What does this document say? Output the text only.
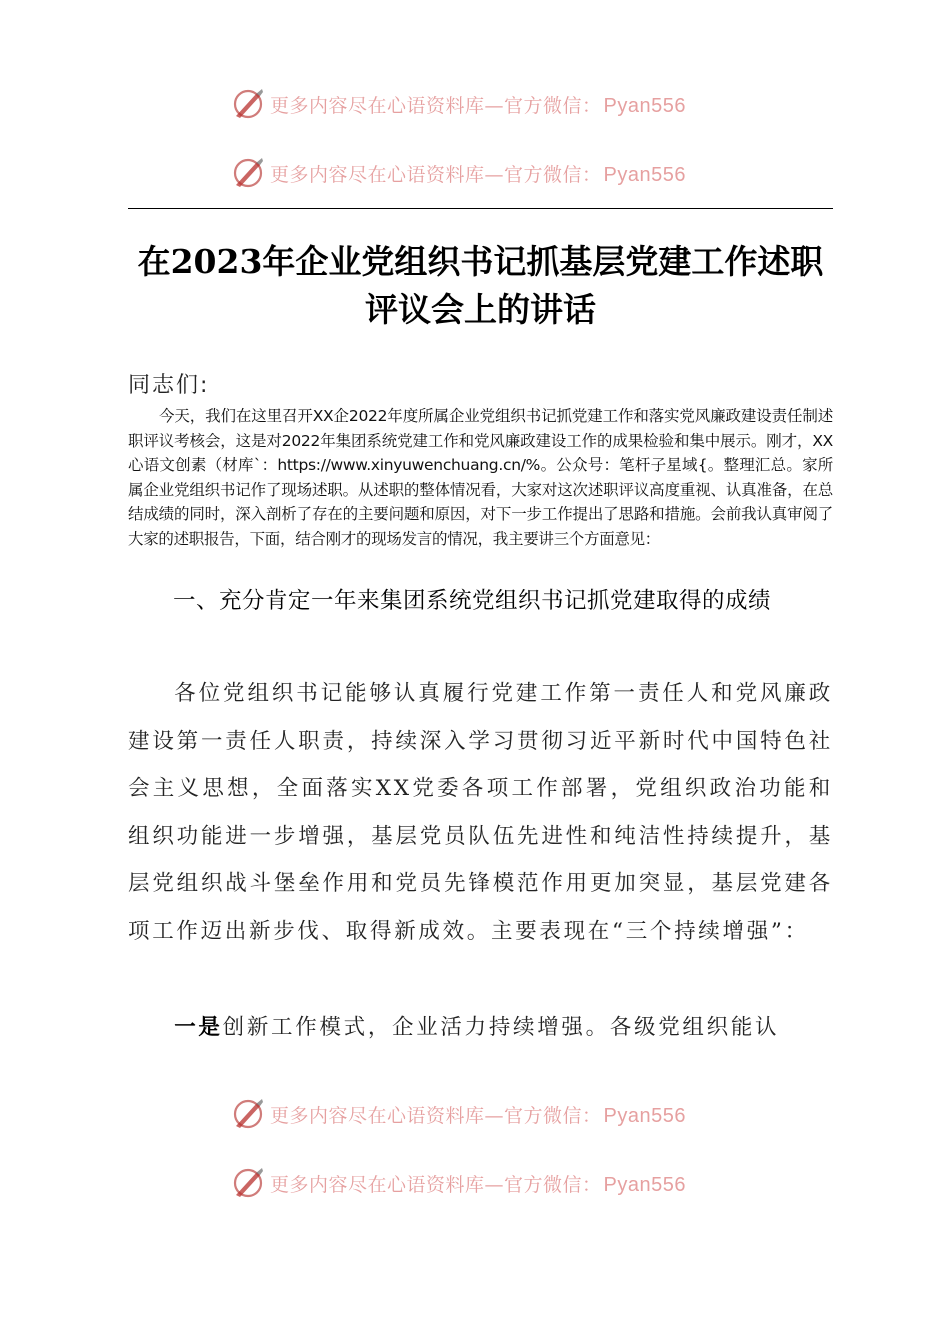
更多内容尽在心语资料库—官方微信： Pyan556
更多内容尽在心语资料库—官方微信： Pyan556
在2023年企业党组织书记抓基层党建工作述职评议会上的讲话

同志们:

今天，我们在这里召开XX企2022年度所属企业党组织书记抓党建工作和落实党风廉政建设责任制述职评议考核会，这是对2022年集团系统党建工作和党风廉政建设工作的成果检验和集中展示。刚才，XX心语文创素（材库`：https://www.xinyuwenchuang.cn/%。公众号：笔杆子星域{。整理汇总。家所属企业党组织书记作了现场述职。从述职的整体情况看，大家对这次述职评议高度重视、认真准备，在总结成绩的同时，深入剖析了存在的主要问题和原因，对下一步工作提出了思路和措施。会前我认真审阅了大家的述职报告，下面，结合刚才的现场发言的情况，我主要讲三个方面意见：

一、充分肯定一年来集团系统党组织书记抓党建取得的成绩

各位党组织书记能够认真履行党建工作第一责任人和党风廉政建设第一责任人职责，持续深入学习贯彻习近平新时代中国特色社会主义思想，全面落实XX党委各项工作部署，党组织政治功能和组织功能进一步增强，基层党员队伍先进性和纯洁性持续提升，基层党组织战斗堡垒作用和党员先锋模范作用更加突显，基层党建各项工作迈出新步伐、取得新成效。主要表现在“三个持续增强”：

一是创新工作模式，企业活力持续增强。各级党组织能认

更多内容尽在心语资料库—官方微信： Pyan556
更多内容尽在心语资料库—官方微信： Pyan556
